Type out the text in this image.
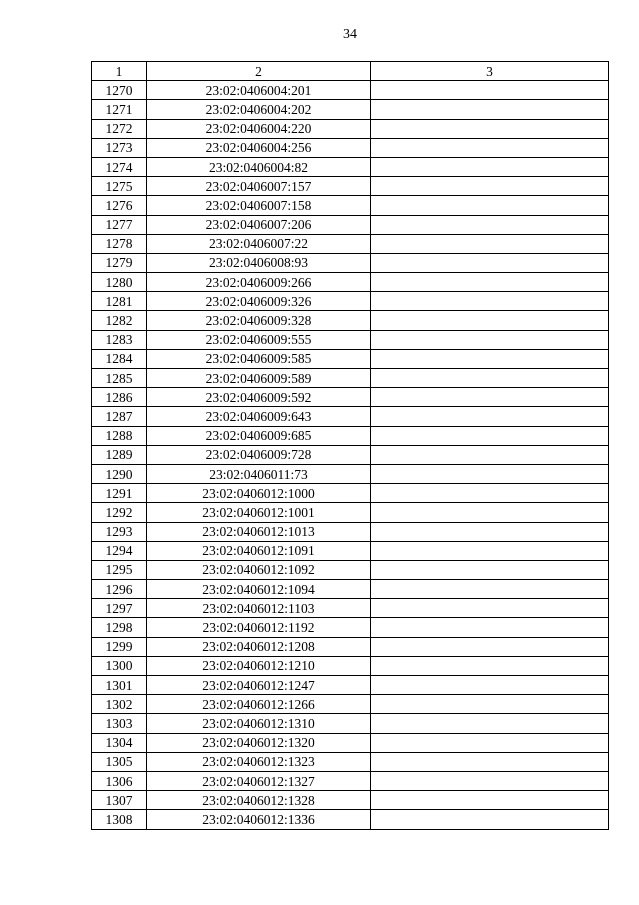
34
1	2	3
1270	23:02:0406004:201	
1271	23:02:0406004:202	
1272	23:02:0406004:220	
1273	23:02:0406004:256	
1274	23:02:0406004:82	
1275	23:02:0406007:157	
1276	23:02:0406007:158	
1277	23:02:0406007:206	
1278	23:02:0406007:22	
1279	23:02:0406008:93	
1280	23:02:0406009:266	
1281	23:02:0406009:326	
1282	23:02:0406009:328	
1283	23:02:0406009:555	
1284	23:02:0406009:585	
1285	23:02:0406009:589	
1286	23:02:0406009:592	
1287	23:02:0406009:643	
1288	23:02:0406009:685	
1289	23:02:0406009:728	
1290	23:02:0406011:73	
1291	23:02:0406012:1000	
1292	23:02:0406012:1001	
1293	23:02:0406012:1013	
1294	23:02:0406012:1091	
1295	23:02:0406012:1092	
1296	23:02:0406012:1094	
1297	23:02:0406012:1103	
1298	23:02:0406012:1192	
1299	23:02:0406012:1208	
1300	23:02:0406012:1210	
1301	23:02:0406012:1247	
1302	23:02:0406012:1266	
1303	23:02:0406012:1310	
1304	23:02:0406012:1320	
1305	23:02:0406012:1323	
1306	23:02:0406012:1327	
1307	23:02:0406012:1328	
1308	23:02:0406012:1336	
